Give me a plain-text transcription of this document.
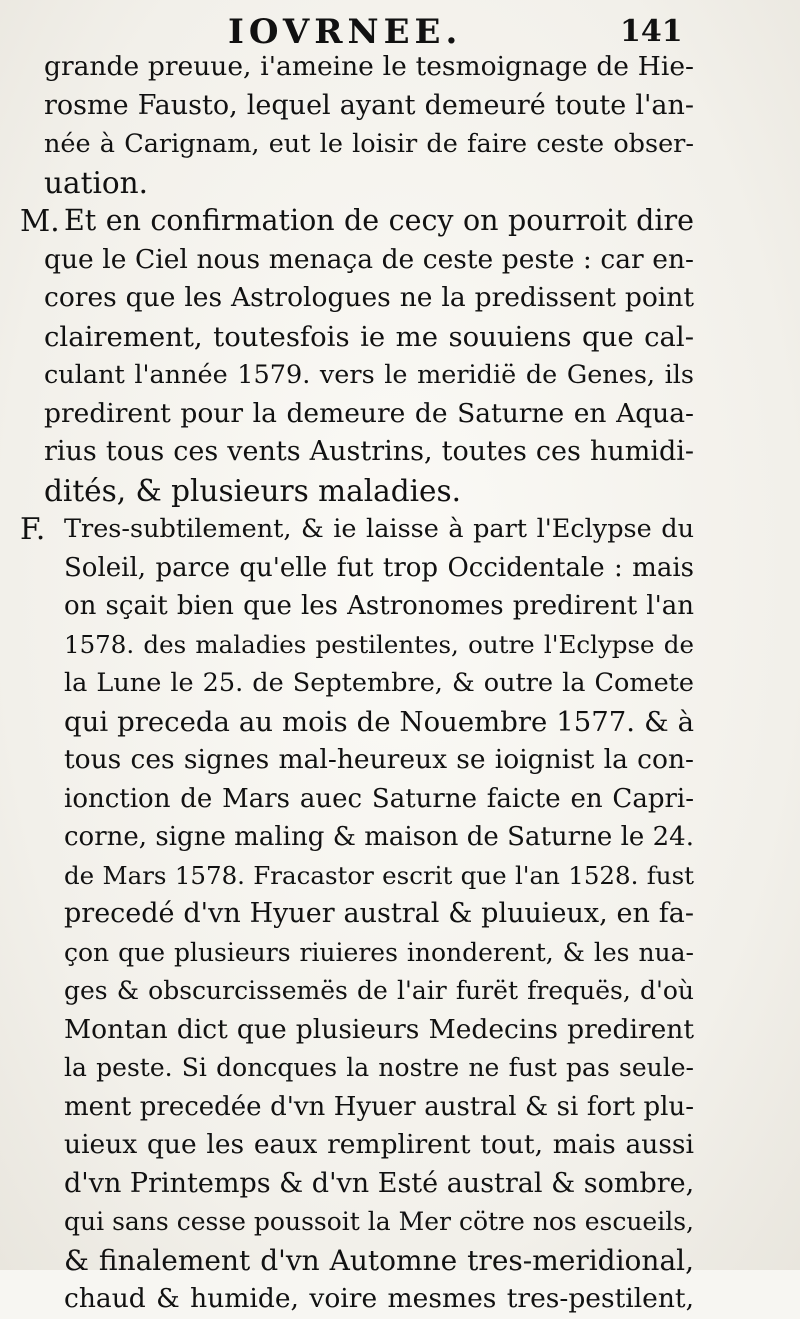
IOVRNEE.	141
grande preuue, i'ameine le tesmoignage de Hie-
rosme Fausto, lequel ayant demeuré toute l'an-
née à Carignam, eut le loisir de faire ceste obser-
uation.
M. Et en confirmation de cecy on pourroit dire
que le Ciel nous menaça de ceste peste : car en-
cores que les Astrologues ne la predissent point
clairement, toutesfois ie me souuiens que cal-
culant l'année 1579. vers le meridië de Genes, ils
predirent pour la demeure de Saturne en Aqua-
rius tous ces vents Austrins, toutes ces humidi-
dités, & plusieurs maladies.
F. Tres-subtilement, & ie laisse à part l'Eclypse du
Soleil, parce qu'elle fut trop Occidentale : mais
on sçait bien que les Astronomes predirent l'an
1578. des maladies pestilentes, outre l'Eclypse de
la Lune le 25. de Septembre, & outre la Comete
qui preceda au mois de Nouembre 1577. & à
tous ces signes mal-heureux se ioignist la con-
ionction de Mars auec Saturne faicte en Capri-
corne, signe maling & maison de Saturne le 24.
de Mars 1578. Fracastor escrit que l'an 1528. fust
precedé d'vn Hyuer austral & pluuieux, en fa-
çon que plusieurs riuieres inonderent, & les nua-
ges & obscurcissemës de l'air furët frequës, d'où
Montan dict que plusieurs Medecins predirent
la peste. Si doncques la nostre ne fust pas seule-
ment precedée d'vn Hyuer austral & si fort plu-
uieux que les eaux remplirent tout, mais aussi
d'vn Printemps & d'vn Esté austral & sombre,
qui sans cesse poussoit la Mer cötre nos escueils,
& finalement d'vn Automne tres-meridional,
chaud & humide, voire mesmes tres-pestilent,
